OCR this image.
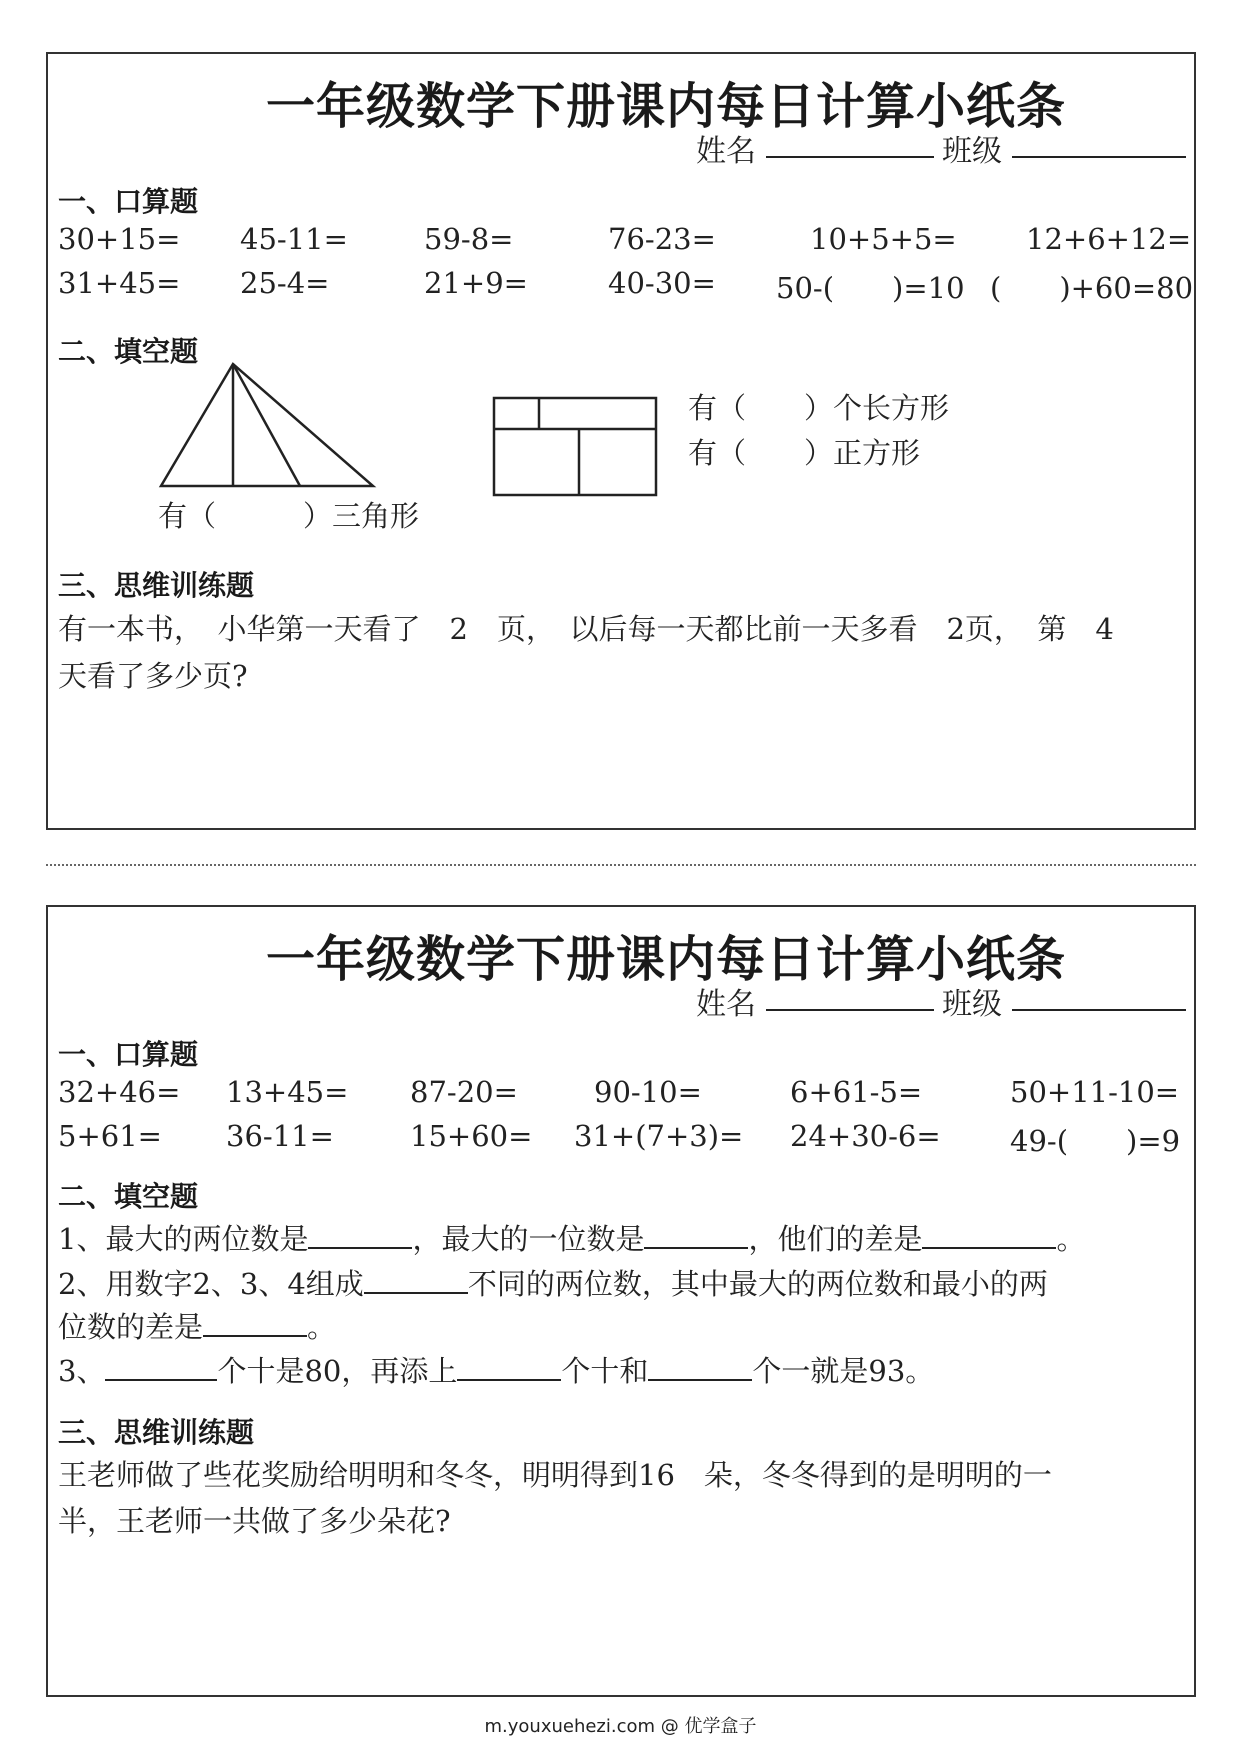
一年级数学下册课内每日计算小纸条
姓名	班级
一、口算题
30+15= 45-11=	59-8=	76-23=	10+5+5= 12+6+12=
31+45= 25-4=	21+9=	40-30= 50-(　　)=10 (　　)+60=80
二、填空题
有（　　　）三角形
有（　　）个长方形
有（　　）正方形
三、思维训练题
有一本书，　小华第一天看了　2　页，　以后每一天都比前一天多看　2页，　第　4
天看了多少页?
一年级数学下册课内每日计算小纸条
姓名	班级
一、口算题
32+46= 13+45= 87-20=	90-10=	6+61-5=	50+11-10=
5+61= 36-11=	15+60= 31+(7+3)= 24+30-6= 49-(　　)=9
二、填空题
1、最大的两位数是	，最大的一位数是	，他们的差是	。
2、用数字2、3、4组成	不同的两位数，其中最大的两位数和最小的两
位数的差是	。
3、	个十是80，再添上	个十和	个一就是93。
三、思维训练题
王老师做了些花奖励给明明和冬冬，明明得到16　朵，冬冬得到的是明明的一
半，王老师一共做了多少朵花?
m.youxuehezi.com @ 优学盒子
